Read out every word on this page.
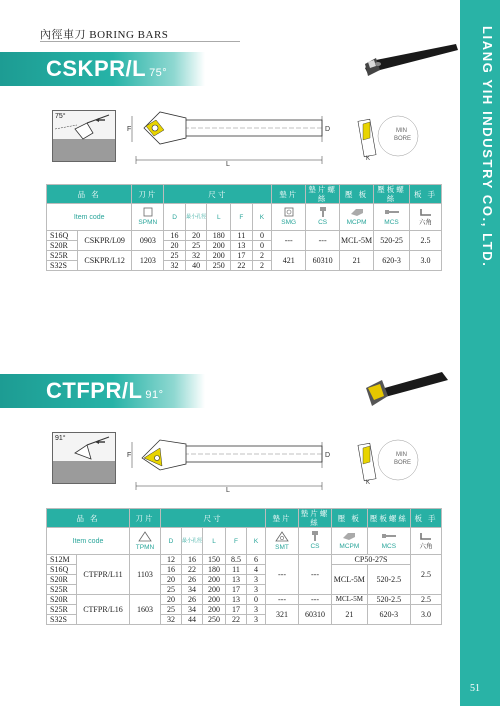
LIANG YIH INDUSTRY CO., LTD.
51
內徑車刀 BORING BARS
CSKPR/L 75°
75°
L
F	D
K
MIN
BORE
品 名		刀片	尺寸					墊片	墊片螺絲	壓 板	壓板螺絲	板 手
Item code		SPMN	D	最小孔徑	L	F	K	SMG	CS	MCPM	MCS	六角
S16Q	CSKPR/L09	0903	16	20	180	11	0	---	---	MCL-5M	520-25	2.5
S20R			20	25	200	13	0					
S25R	CSKPR/L12	1203	25	32	200	17	2	421	60310	21	620-3	3.0
S32S			32	40	250	22	2					
CTFPR/L 91°
91°
L
F	D
K
MIN
BORE
品 名		刀片	尺寸					墊片	墊片螺絲	壓 板	壓板螺絲	板 手
Item code		TPMN	D	最小孔徑	L	F	K	SMT	CS	MCPM	MCS	六角
S12M	CTFPR/L11	1103	12	16	150	8.5	6	---	---	CP50-27S		2.5
S16Q			16	22	180	11	4			MCL-5M	520-2.5	
S20R			20	26	200	13	3					
S25R			25	34	200	17	3					
S20R	CTFPR/L16	1603	20	26	200	13	0	---	---	MCL-5M	520-2.5	2.5
S25R			25	34	200	17	3	321	60310	21	620-3	3.0
S32S			32	44	250	22	3					
